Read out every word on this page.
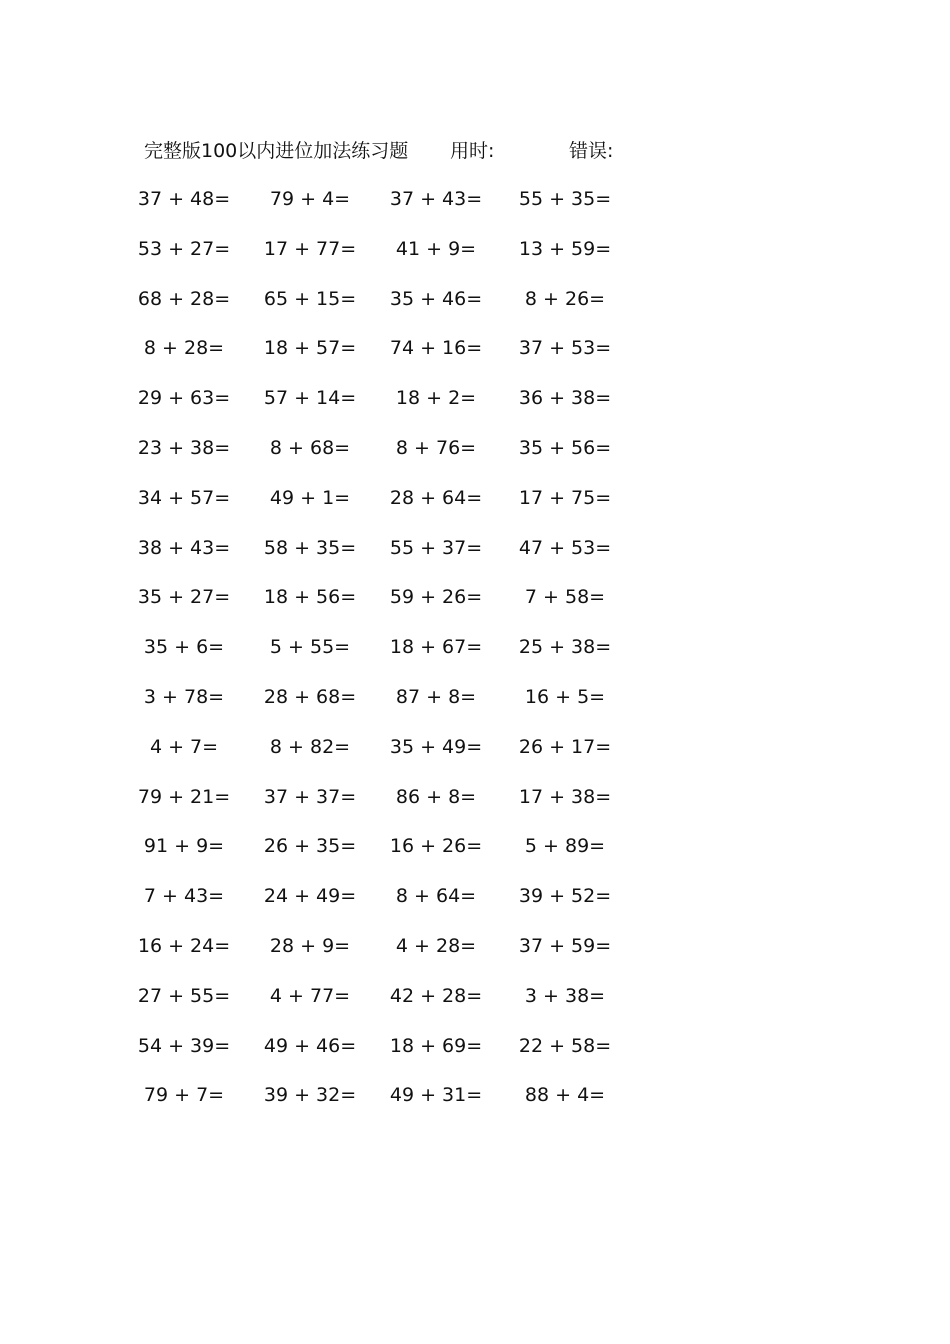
完整版100以内进位加法练习题 用时:	错误:
37 + 48=	79 + 4=	37 + 43=	55 + 35=
53 + 27=	17 + 77=	41 + 9=	13 + 59=
68 + 28=	65 + 15=	35 + 46=	8 + 26=
8 + 28=	18 + 57=	74 + 16=	37 + 53=
29 + 63=	57 + 14=	18 + 2=	36 + 38=
23 + 38=	8 + 68=	8 + 76=	35 + 56=
34 + 57=	49 + 1=	28 + 64=	17 + 75=
38 + 43=	58 + 35=	55 + 37=	47 + 53=
35 + 27=	18 + 56=	59 + 26=	7 + 58=
35 + 6=	5 + 55=	18 + 67=	25 + 38=
3 + 78=	28 + 68=	87 + 8=	16 + 5=
4 + 7=	8 + 82=	35 + 49=	26 + 17=
79 + 21=	37 + 37=	86 + 8=	17 + 38=
91 + 9=	26 + 35=	16 + 26=	5 + 89=
7 + 43=	24 + 49=	8 + 64=	39 + 52=
16 + 24=	28 + 9=	4 + 28=	37 + 59=
27 + 55=	4 + 77=	42 + 28=	3 + 38=
54 + 39=	49 + 46=	18 + 69=	22 + 58=
79 + 7=	39 + 32=	49 + 31=	88 + 4=
